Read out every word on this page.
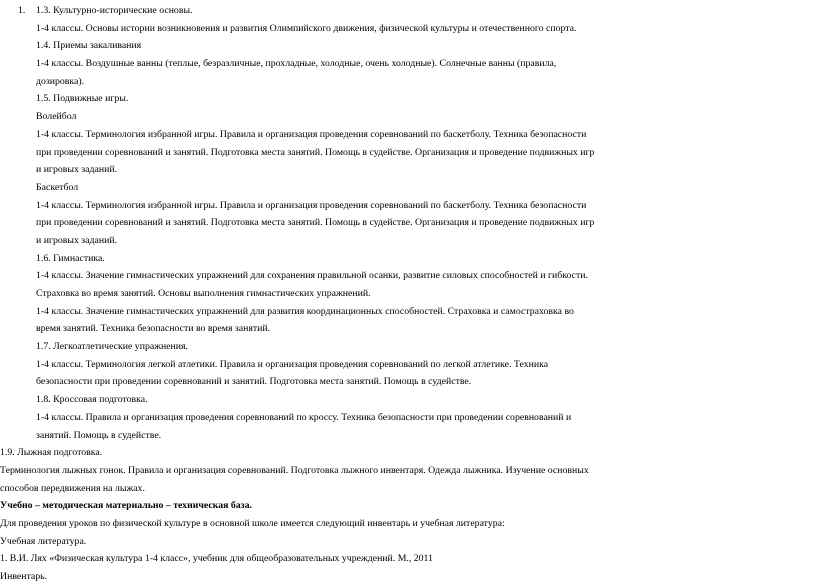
1. 1.3. Культурно-исторические основы.
1-4 классы. Основы истории возникновения и развития Олимпийского движения, физической культуры и отечественного спорта.
1.4. Приемы закаливания
1-4 классы. Воздушные ванны (теплые, безразличные, прохладные, холодные, очень холодные). Солнечные ванны (правила,
дозировка).
1.5. Подвижные игры.
Волейбол
1-4 классы. Терминология избранной игры. Правила и организация проведения соревнований по баскетболу. Техника безопасности
при проведении соревнований и занятий. Подготовка места занятий. Помощь в судействе. Организация и проведение подвижных игр
и игровых заданий.
Баскетбол
1-4 классы. Терминология избранной игры. Правила и организация проведения соревнований по баскетболу. Техника безопасности
при проведении соревнований и занятий. Подготовка места занятий. Помощь в судействе. Организация и проведение подвижных игр
и игровых заданий.
1.6. Гимнастика.
1-4 классы. Значение гимнастических упражнений для сохранения правильной осанки, развитие силовых способностей и гибкости.
Страховка во время занятий. Основы выполнения гимнастических упражнений.
1-4 классы. Значение гимнастических упражнений для развития координационных способностей. Страховка и самостраховка во
время занятий. Техника безопасности во время занятий.
1.7. Легкоатлетические упражнения.
1-4 классы. Терминология легкой атлетики. Правила и организация проведения соревнований по легкой атлетике. Техника
безопасности при проведении соревнований и занятий. Подготовка места занятий. Помощь в судействе.
1.8. Кроссовая подготовка.
1-4 классы. Правила и организация проведения соревнований по кроссу. Техника безопасности при проведении соревнований и
занятий. Помощь в судействе.
1.9. Лыжная подготовка.
Терминология лыжных гонок. Правила и организация соревнований. Подготовка лыжного инвентаря. Одежда лыжника. Изучение основных
способов передвижения на лыжах.
Учебно – методическая материально – техническая база.
Для проведения уроков по физической культуре в основной школе имеется следующий инвентарь и учебная литература:
Учебная литература.
1. В.И. Лях «Физическая культура 1-4 класс», учебник для общеобразовательных учреждений. М., 2011
Инвентарь.
